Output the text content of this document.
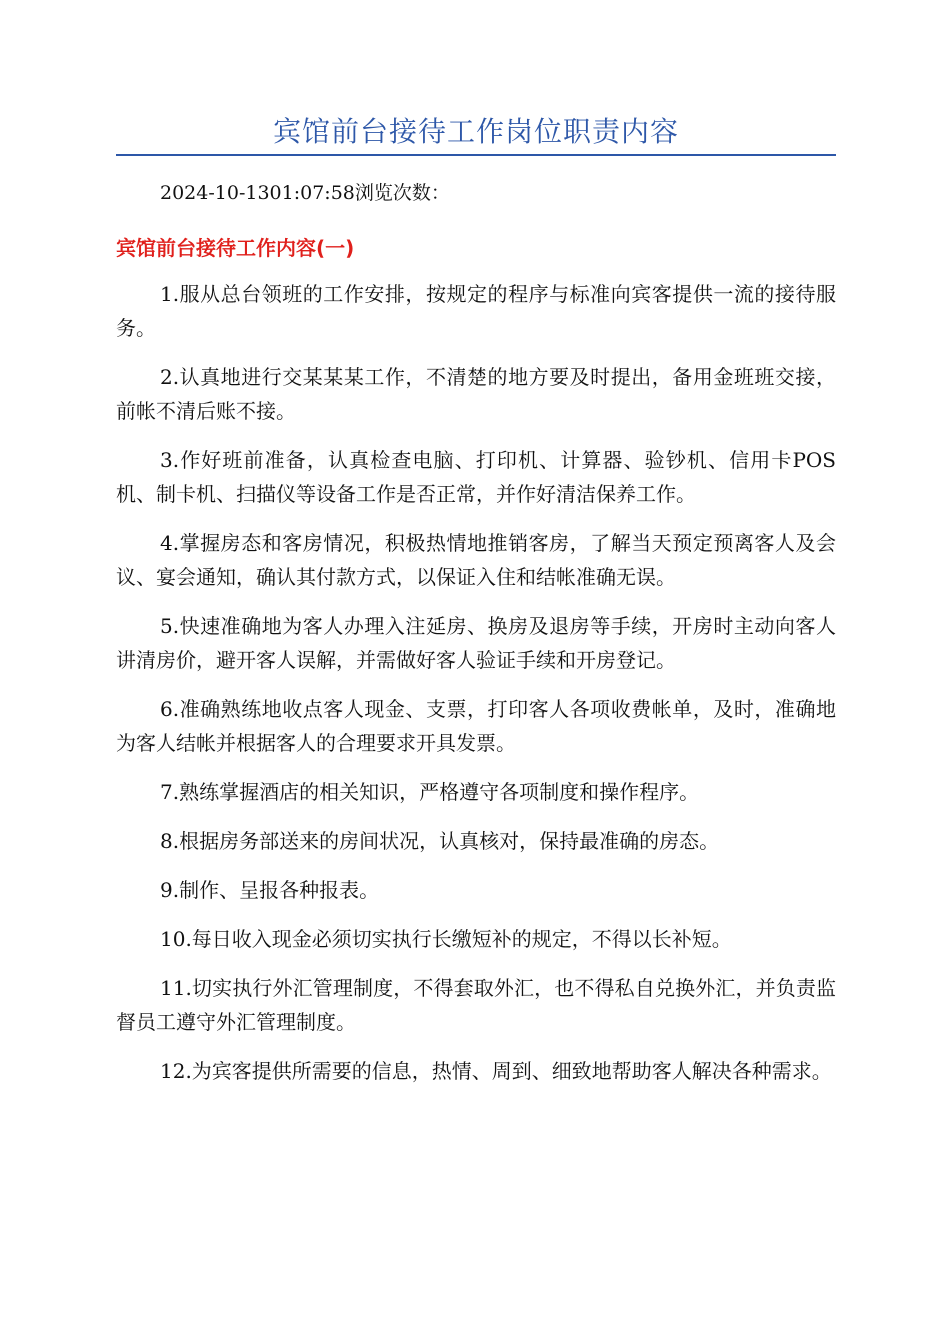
宾馆前台接待工作岗位职责内容
2024-10-1301:07:58浏览次数：
宾馆前台接待工作内容(一)

1.服从总台领班的工作安排，按规定的程序与标准向宾客提供一流的接待服务。

2.认真地进行交某某某工作，不清楚的地方要及时提出，备用金班班交接，前帐不清后账不接。

3.作好班前准备，认真检查电脑、打印机、计算器、验钞机、信用卡POS机、制卡机、扫描仪等设备工作是否正常，并作好清洁保养工作。

4.掌握房态和客房情况，积极热情地推销客房，了解当天预定预离客人及会议、宴会通知，确认其付款方式，以保证入住和结帐准确无误。

5.快速准确地为客人办理入注延房、换房及退房等手续，开房时主动向客人讲清房价，避开客人误解，并需做好客人验证手续和开房登记。

6.准确熟练地收点客人现金、支票，打印客人各项收费帐单，及时，准确地为客人结帐并根据客人的合理要求开具发票。

7.熟练掌握酒店的相关知识，严格遵守各项制度和操作程序。

8.根据房务部送来的房间状况，认真核对，保持最准确的房态。

9.制作、呈报各种报表。

10.每日收入现金必须切实执行长缴短补的规定，不得以长补短。

11.切实执行外汇管理制度，不得套取外汇，也不得私自兑换外汇，并负责监督员工遵守外汇管理制度。

12.为宾客提供所需要的信息，热情、周到、细致地帮助客人解决各种需求。
